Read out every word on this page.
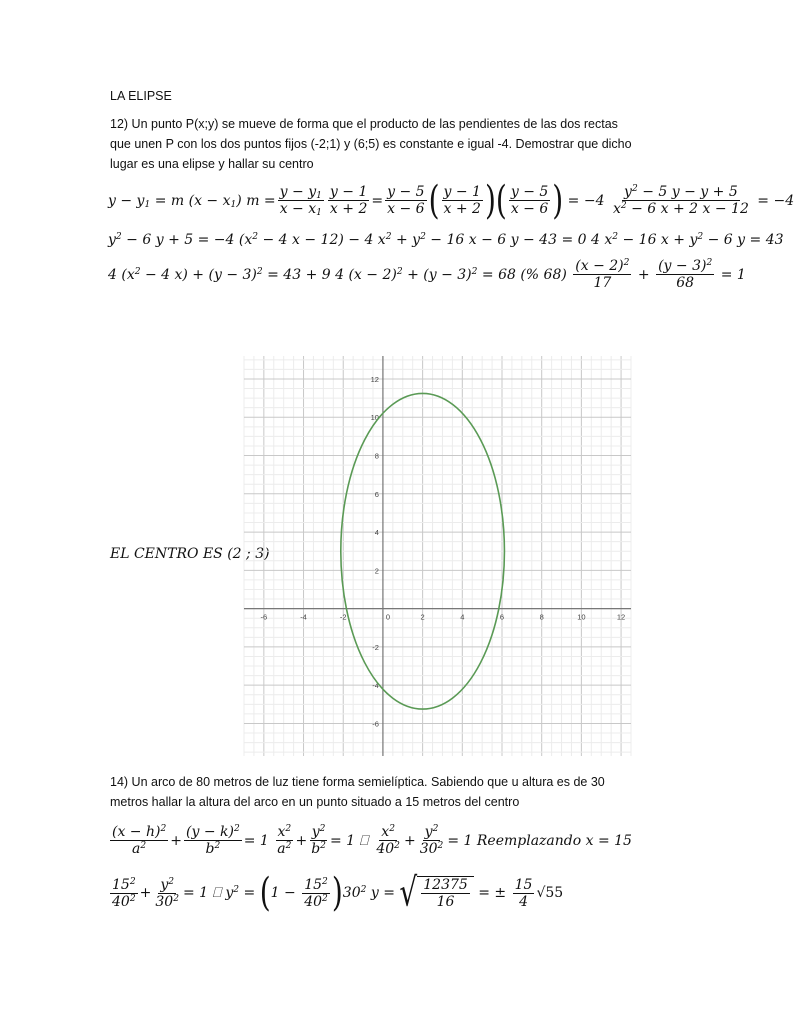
LA ELIPSE
12) Un punto P(x;y) se mueve de forma que el producto de las pendientes de las dos rectas
que unen P con los dos puntos fijos (-2;1) y (6;5) es constante e igual -4. Demostrar que dicho
lugar es una elipse y hallar su centro
$y - y_1 = m$ $(x - x_1)$ $m = \frac{y - y_1}{x - x_1} \frac{y - 1}{x + 2} = \frac{y - 5}{x - 6}$ ( $\frac{y - 1}{x + 2}$ ) ( $\frac{y - 5}{x - 6}$ ) = $-4 \frac{y^2 - 5 y - y + 5}{x^2 - 6 x + 2 x - 12} = -4$
$y^2 - 6$ y + 5 = −4 ($x^2 - 4$ x − 12) − 4 $x^2 + y^2 - 16$ x − 6 y − 43 = 0 4 $x^2 - 16$ $x + y^2 - 6$ y = 43
4 ($x^2 - 4$ $x) + (y - 3)^2 = 43 + 9$ 4 $(x - 2)^2 + (y - 3)^2 = 68$ (% $68) \frac{(x - 2)^2}{17} + \frac{(y - 3)^2}{68} = 1$
EL CENTRO ES (2 ; 3)
-6	-4	-2	0	2	4	6	8	10	12
12
10
8
6
4
2
-2
-4
-6
14) Un arco de 80 metros de luz tiene forma semielíptica. Sabiendo que u altura es de 30
metros hallar la altura del arco en un punto situado a 15 metros del centro
$\frac{(x - h)^2}{a^2} + \frac{(y - k)^2}{b^2} = 1 \frac{x^2}{a^2} + \frac{y^2}{b^2} = 1$ ⎕ $\frac{x^2}{40^2} + \frac{y^2}{30^2} = 1$ Reemplazando x = 15
$\frac{15^2}{40^2} + \frac{y^2}{30^2} = 1$ ⎕ $y^2$ = ( $1 - \frac{15^2}{40^2}$ ) $30^2$ y = √ $\frac{12375}{16}$ = ± $\frac{15}{4} √55$
